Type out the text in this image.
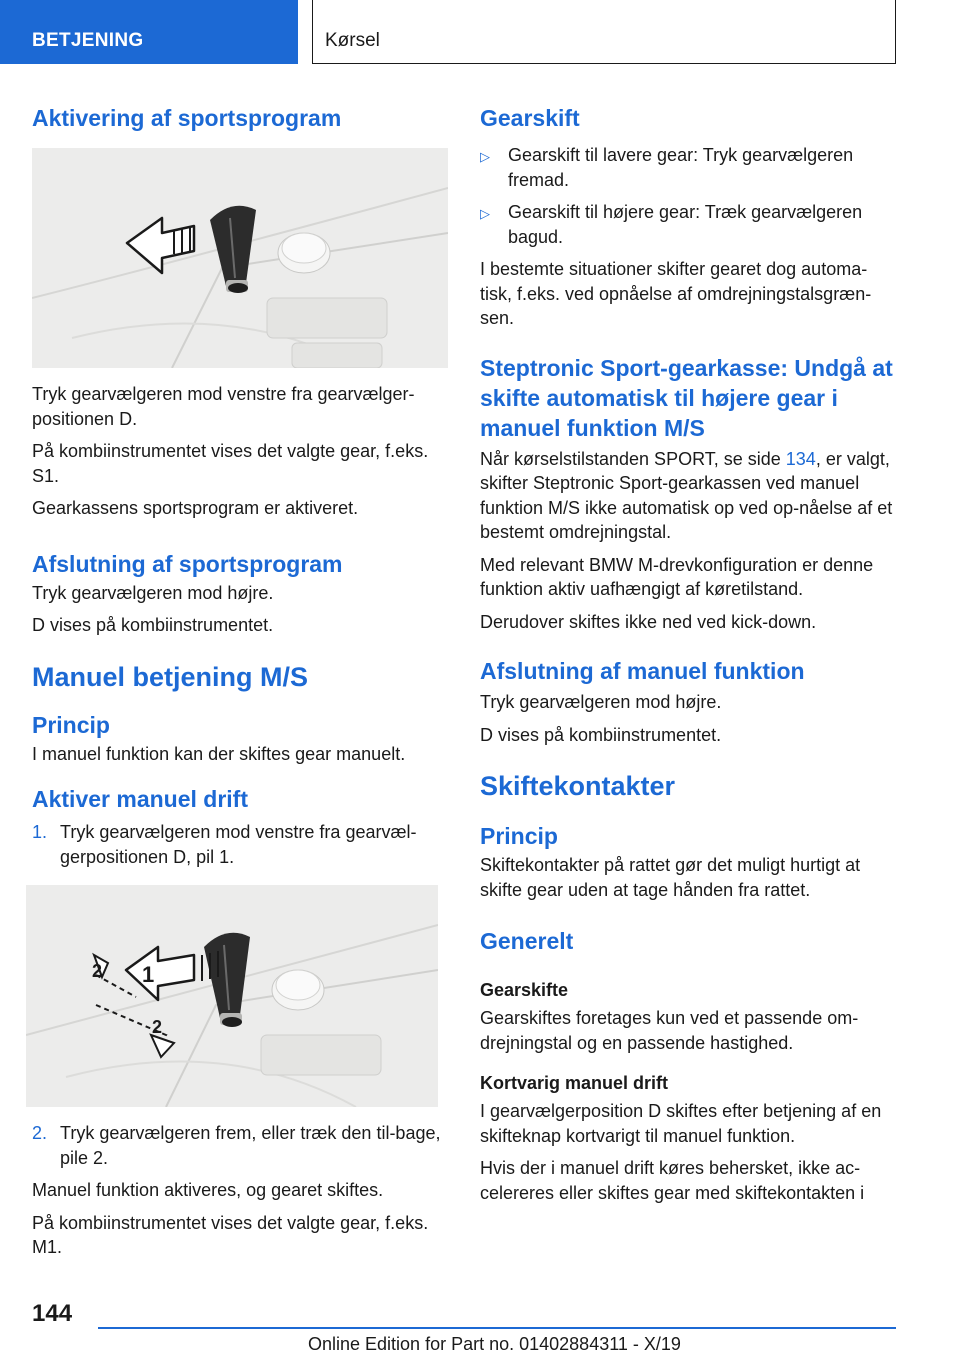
BETJENING	Kørsel
Aktivering af sportsprogram

Tryk gearvælgeren mod venstre fra gearvælger-positionen D.

På kombiinstrumentet vises det valgte gear, f.eks. S1.

Gearkassens sportsprogram er aktiveret.

Afslutning af sportsprogram

Tryk gearvælgeren mod højre.

D vises på kombiinstrumentet.

Manuel betjening M/S
Princip

I manuel funktion kan der skiftes gear manuelt.

Aktiver manuel drift
1. Tryk gearvælgeren mod venstre fra gearvæl-gerpositionen D, pil 1.
1
2
2
2. Tryk gearvælgeren frem, eller træk den til-bage, pile 2.

Manuel funktion aktiveres, og gearet skiftes.

På kombiinstrumentet vises det valgte gear, f.eks. M1.

Gearskift
▷	Gearskift til lavere gear: Tryk gearvælgeren fremad.
▷	Gearskift til højere gear: Træk gearvælgeren bagud.

I bestemte situationer skifter gearet dog automa-tisk, f.eks. ved opnåelse af omdrejningstalsgræn-sen.

Steptronic Sport-gearkasse: Undgå at skifte automatisk til højere gear i manuel funktion M/S

Når kørselstilstanden SPORT, se side 134, er valgt, skifter Steptronic Sport-gearkassen ved manuel funktion M/S ikke automatisk op ved op-nåelse af et bestemt omdrejningstal.

Med relevant BMW M-drevkonfiguration er denne funktion aktiv uafhængigt af køretilstand.

Derudover skiftes ikke ned ved kick-down.

Afslutning af manuel funktion

Tryk gearvælgeren mod højre.

D vises på kombiinstrumentet.

Skiftekontakter
Princip

Skiftekontakter på rattet gør det muligt hurtigt at skifte gear uden at tage hånden fra rattet.

Generelt
Gearskifte

Gearskiftes foretages kun ved et passende om-drejningstal og en passende hastighed.

Kortvarig manuel drift

I gearvælgerposition D skiftes efter betjening af en skifteknap kortvarigt til manuel funktion.

Hvis der i manuel drift køres behersket, ikke ac-celereres eller skiftes gear med skiftekontakten i

144
Online Edition for Part no. 01402884311 - X/19
